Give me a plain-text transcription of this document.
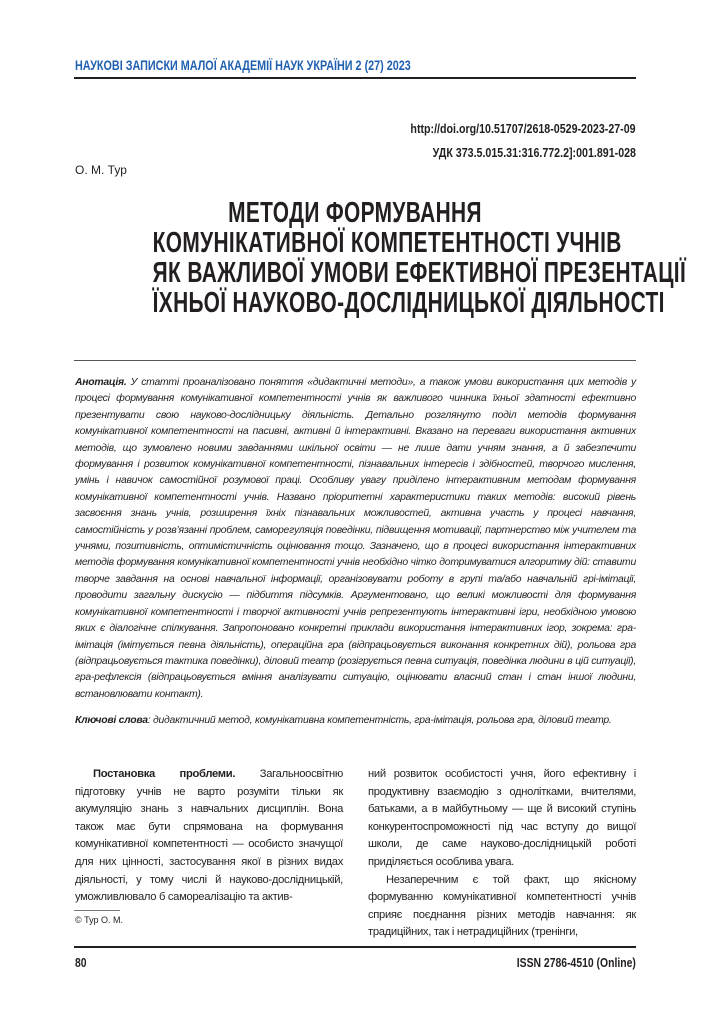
НАУКОВІ ЗАПИСКИ МАЛОЇ АКАДЕМІЇ НАУК УКРАЇНИ 2 (27) 2023
http://doi.org/10.51707/2618-0529-2023-27-09
УДК 373.5.015.31:316.772.2]:001.891-028
О. М. Тур
МЕТОДИ ФОРМУВАННЯ
КОМУНІКАТИВНОЇ КОМПЕТЕНТНОСТІ УЧНІВ
ЯК ВАЖЛИВОЇ УМОВИ ЕФЕКТИВНОЇ ПРЕЗЕНТАЦІЇ
ЇХНЬОЇ НАУКОВО-ДОСЛІДНИЦЬКОЇ ДІЯЛЬНОСТІ
Анотація. У статті проаналізовано поняття «дидактичні методи», а також умови використання цих методів у процесі формування комунікативної компетентності учнів як важливого чинника їхньої здатності ефективно презентувати свою науково-дослідницьку діяльність. Детально розглянуто поділ методів формування комунікативної компетентності на пасивні, активні й інтерактивні. Вказано на переваги використання активних методів, що зумовлено новими завданнями шкільної освіти — не лише дати учням знання, а й забезпечити формування і розвиток комунікативної компетентності, пізнавальних інтересів і здібностей, творчого мислення, умінь і навичок самостійної розумової праці. Особливу увагу приділено інтерактивним методам формування комунікативної компетентності учнів. Названо пріоритетні характеристики таких методів: високий рівень засвоєння знань учнів, розширення їхніх пізнавальних можливостей, активна участь у процесі навчання, самостійність у розв’язанні проблем, саморегуляція поведінки, підвищення мотивації, партнерство між учителем та учнями, позитивність, оптимістичність оцінювання тощо. Зазначено, що в процесі використання інтерактивних методів формування комунікативної компетентності учнів необхідно чітко дотримуватися алгоритму дій: ставити творче завдання на основі навчальної інформації, організовувати роботу в групі та/або навчальній грі-імітації, проводити загальну дискусію — підбиття підсумків. Аргументовано, що великі можливості для формування комунікативної компетентності і творчої активності учнів репрезентують інтерактивні ігри, необхідною умовою яких є діалогічне спілкування. Запропоновано конкретні приклади використання інтерактивних ігор, зокрема: гра-імітація (імітується певна діяльність), операційна гра (відпрацьовується виконання конкретних дій), рольова гра (відпрацьовується тактика поведінки), діловий театр (розігрується певна ситуація, поведінка людини в цій ситуації), гра-рефлексія (відпрацьовується вміння аналізувати ситуацію, оцінювати власний стан і стан іншої людини, встановлювати контакт).
Ключові слова: дидактичний метод, комунікативна компетентність, гра-імітація, рольова гра, діловий театр.

Постановка проблеми. Загальноосвітню підготовку учнів не варто розуміти тільки як акумуляцію знань з навчальних дисциплін. Вона також має бути спрямована на формування комунікативної компетентності — особисто значущої для них цінності, застосування якої в різних видах діяльності, у тому числі й науково-дослідницькій, уможливлювало б самореалізацію та актив-

ний розвиток особистості учня, його ефективну і продуктивну взаємодію з однолітками, вчителями, батьками, а в майбутньому — ще й високий ступінь конкурентоспроможності під час вступу до вищої школи, де саме науково-дослідницькій роботі приділяється особлива увага.

Незаперечним є той факт, що якісному формуванню комунікативної компетентності учнів сприяє поєднання різних методів навчання: як традиційних, так і нетрадиційних (тренінги,

© Тур О. М.
80	ISSN 2786-4510 (Online)
